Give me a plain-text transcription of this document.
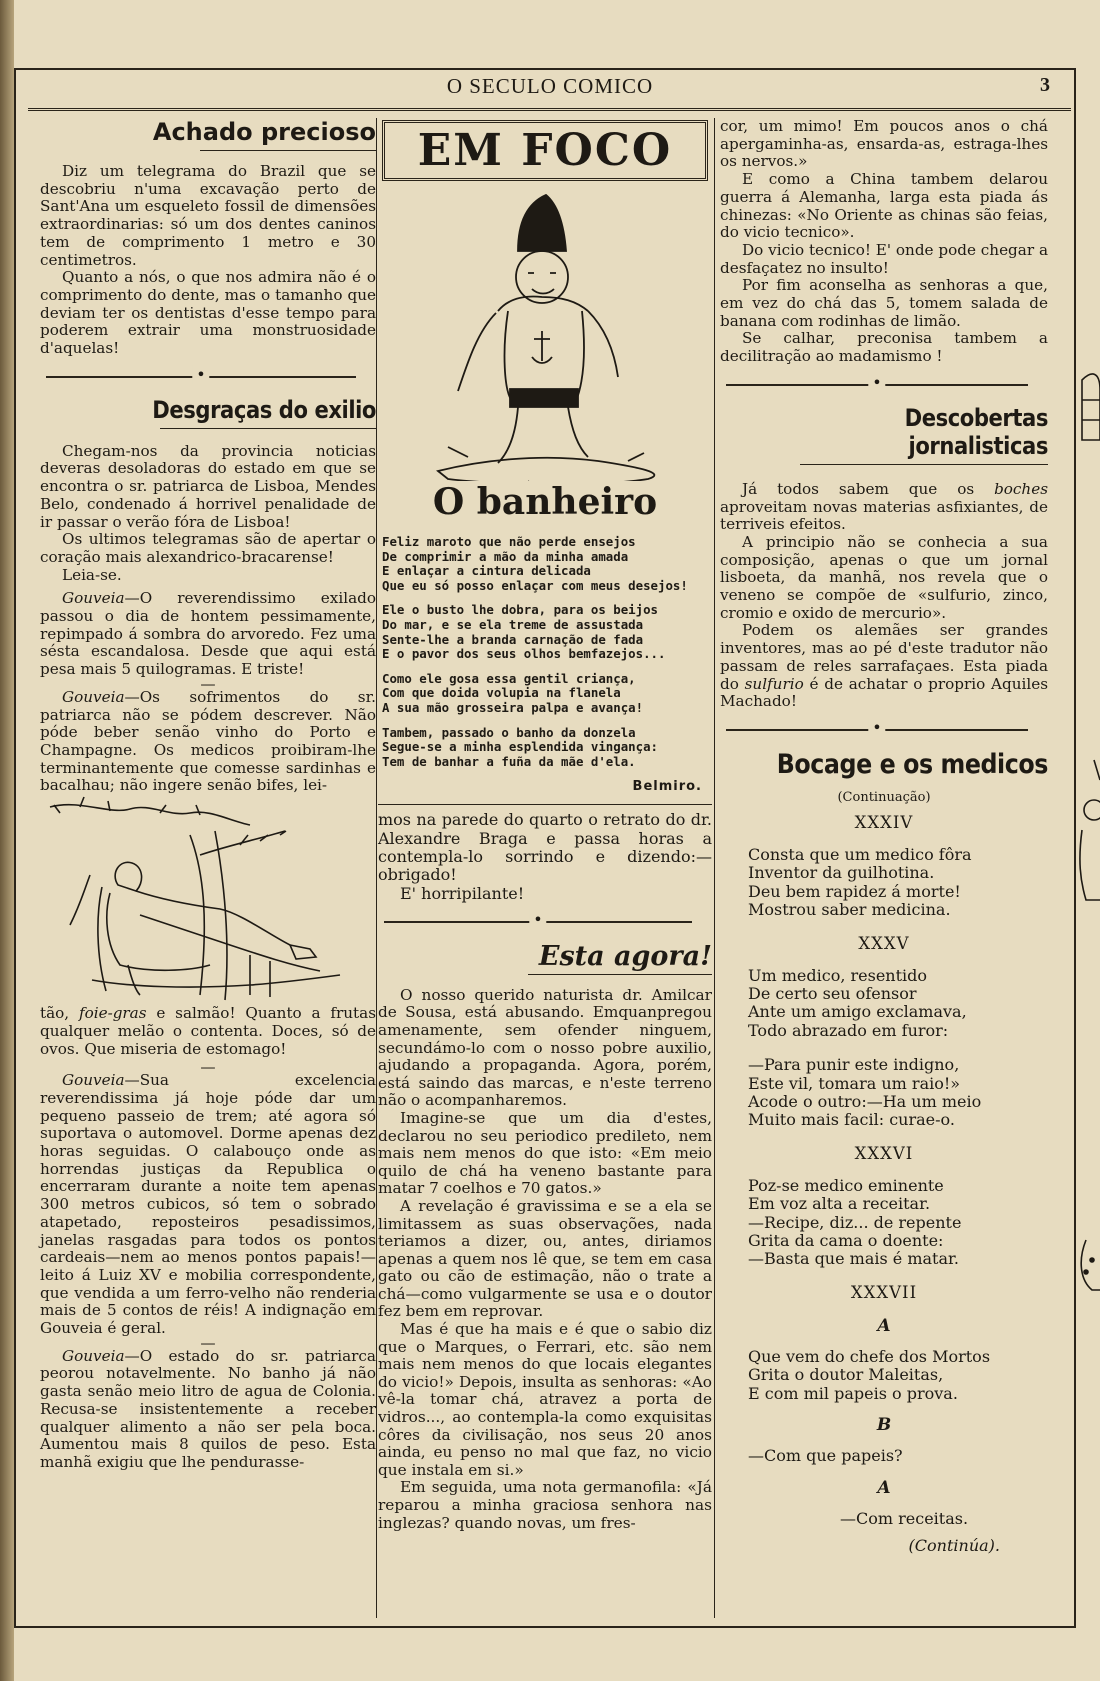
O SECULO COMICO	3
Achado precioso

Diz um telegrama do Brazil que se descobriu n'uma excavação perto de Sant'Ana um esqueleto fossil de dimensões extraordinarias: só um dos dentes caninos tem de comprimento 1 metro e 30 centimetros.

Quanto a nós, o que nos admira não é o comprimento do dente, mas o tamanho que deviam ter os dentistas d'esse tempo para poderem extrair uma monstruosidade d'aquelas!

•
Desgraças do exilio

Chegam-nos da provincia noticias deveras desoladoras do estado em que se encontra o sr. patriarca de Lisboa, Mendes Belo, condenado á horrivel penalidade de ir passar o verão fóra de Lisboa!

Os ultimos telegramas são de apertar o coração mais alexandrico-bracarense!

Leia-se.

Gouveia—O reverendissimo exilado passou o dia de hontem pessimamente, repimpado á sombra do arvoredo. Fez uma sésta escandalosa. Desde que aqui está pesa mais 5 quilogramas. E triste!

—

Gouveia—Os sofrimentos do sr. patriarca não se pódem descrever. Não póde beber senão vinho do Porto e Champagne. Os medicos proibiram-lhe terminantemente que comesse sardinhas e bacalhau; não ingere senão bifes, lei-

tão, foie-gras e salmão! Quanto a frutas qualquer melão o contenta. Doces, só de ovos. Que miseria de estomago!

—

Gouveia—Sua excelencia reverendissima já hoje póde dar um pequeno passeio de trem; até agora só suportava o automovel. Dorme apenas dez horas seguidas. O calabouço onde as horrendas justiças da Republica o encerraram durante a noite tem apenas 300 metros cubicos, só tem o sobrado atapetado, reposteiros pesadissimos, janelas rasgadas para todos os pontos cardeais—nem ao menos pontos papais!—leito á Luiz XV e mobilia correspondente, que vendida a um ferro-velho não renderia mais de 5 contos de réis! A indignação em Gouveia é geral.

—

Gouveia—O estado do sr. patriarca peorou notavelmente. No banho já não gasta senão meio litro de agua de Colonia. Recusa-se insistentemente a receber qualquer alimento a não ser pela boca. Aumentou mais 8 quilos de peso. Esta manhã exigiu que lhe pendurasse-

EM FOCO
O banheiro
Feliz maroto que não perde ensejos
De comprimir a mão da minha amada
E enlaçar a cintura delicada
Que eu só posso enlaçar com meus desejos!
Ele o busto lhe dobra, para os beijos
Do mar, e se ela treme de assustada
Sente-lhe a branda carnação de fada
E o pavor dos seus olhos bemfazejos...
Como ele gosa essa gentil criança,
Com que doida volupia na flanela
A sua mão grosseira palpa e avança!
Tambem, passado o banho da donzela
Segue-se a minha esplendida vingança:
Tem de banhar a fuña da mãe d'ela.
Belmiro.

mos na parede do quarto o retrato do dr. Alexandre Braga e passa horas a contempla-lo sorrindo e dizendo:—obrigado!

E' horripilante!

•
Esta agora!

O nosso querido naturista dr. Amilcar de Sousa, está abusando. Emquanpregou amenamente, sem ofender ninguem, secundámo-lo com o nosso pobre auxilio, ajudando a propaganda. Agora, porém, está saindo das marcas, e n'este terreno não o acompanharemos.

Imagine-se que um dia d'estes, declarou no seu periodico predileto, nem mais nem menos do que isto: «Em meio quilo de chá ha veneno bastante para matar 7 coelhos e 70 gatos.»

A revelação é gravissima e se a ela se limitassem as suas observações, nada teriamos a dizer, ou, antes, diriamos apenas a quem nos lê que, se tem em casa gato ou cão de estimação, não o trate a chá—como vulgarmente se usa e o doutor fez bem em reprovar.

Mas é que ha mais e é que o sabio diz que o Marques, o Ferrari, etc. são nem mais nem menos do que locais elegantes do vicio!» Depois, insulta as senhoras: «Ao vê-la tomar chá, atravez a porta de vidros..., ao contempla-la como exquisitas côres da civilisação, nos seus 20 anos ainda, eu penso no mal que faz, no vicio que instala em si.»

Em seguida, uma nota germanofila: «Já reparou a minha graciosa senhora nas inglezas? quando novas, um fres-

cor, um mimo! Em poucos anos o chá apergaminha-as, ensarda-as, estraga-lhes os nervos.»

E como a China tambem delarou guerra á Alemanha, larga esta piada ás chinezas: «No Oriente as chinas são feias, do vicio tecnico».

Do vicio tecnico! E' onde pode chegar a desfaçatez no insulto!

Por fim aconselha as senhoras a que, em vez do chá das 5, tomem salada de banana com rodinhas de limão.

Se calhar, preconisa tambem a decilitração ao madamismo !

•
Descobertas jornalisticas

Já todos sabem que os boches aproveitam novas materias asfixiantes, de terriveis efeitos.

A principio não se conhecia a sua composição, apenas o que um jornal lisboeta, da manhã, nos revela que o veneno se compõe de «sulfurio, zinco, cromio e oxido de mercurio».

Podem os alemães ser grandes inventores, mas ao pé d'este tradutor não passam de reles sarrafaçaes. Esta piada do sulfurio é de achatar o proprio Aquiles Machado!

•
Bocage e os medicos
(Continuação)
XXXIV
Consta que um medico fôra
Inventor da guilhotina.
Deu bem rapidez á morte!
Mostrou saber medicina.
XXXV
Um medico, resentido
De certo seu ofensor
Ante um amigo exclamava,
Todo abrazado em furor:
—Para punir este indigno,
Este vil, tomara um raio!»
Acode o outro:—Ha um meio
Muito mais facil: curae-o.
XXXVI
Poz-se medico eminente
Em voz alta a receitar.
—Recipe, diz... de repente
Grita da cama o doente:
—Basta que mais é matar.
XXXVII
A
Que vem do chefe dos Mortos
Grita o doutor Maleitas,
E com mil papeis o prova.
B
—Com que papeis?
A
—Com receitas.
(Continúa).
